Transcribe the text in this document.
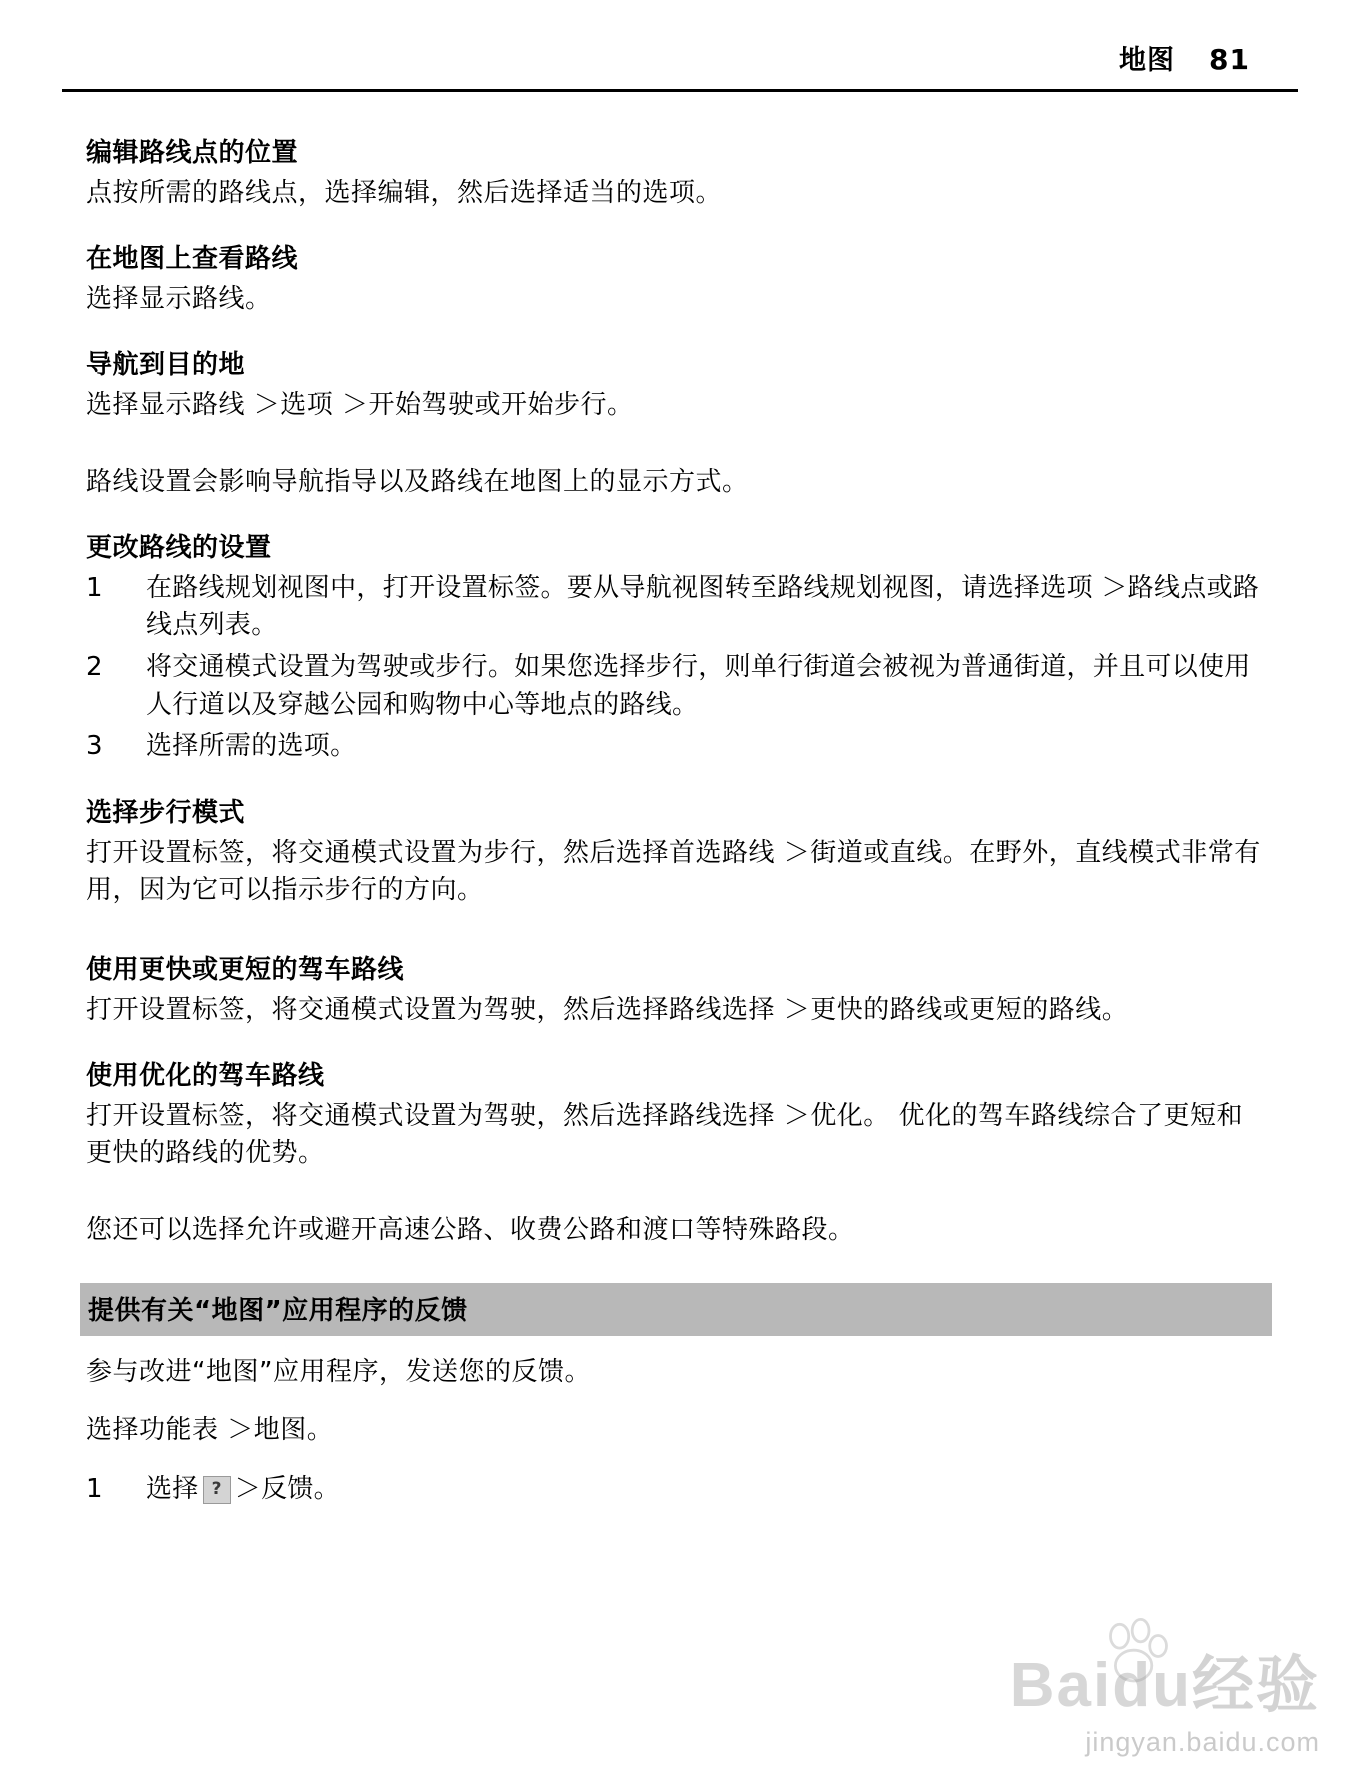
地图 81
编辑路线点的位置

点按所需的路线点，选择编辑，然后选择适当的选项。

在地图上查看路线

选择显示路线。

导航到目的地

选择显示路线 ＞选项 ＞开始驾驶或开始步行。

路线设置会影响导航指导以及路线在地图上的显示方式。

更改路线的设置
1	在路线规划视图中，打开设置标签。要从导航视图转至路线规划视图，请选择选项 ＞路线点或路线点列表。
2	将交通模式设置为驾驶或步行。如果您选择步行，则单行街道会被视为普通街道，并且可以使用人行道以及穿越公园和购物中心等地点的路线。
3	选择所需的选项。
选择步行模式

打开设置标签，将交通模式设置为步行，然后选择首选路线 ＞街道或直线。在野外，直线模式非常有用，因为它可以指示步行的方向。

使用更快或更短的驾车路线

打开设置标签，将交通模式设置为驾驶，然后选择路线选择 ＞更快的路线或更短的路线。

使用优化的驾车路线

打开设置标签，将交通模式设置为驾驶，然后选择路线选择 ＞优化。 优化的驾车路线综合了更短和更快的路线的优势。

您还可以选择允许或避开高速公路、收费公路和渡口等特殊路段。

提供有关“地图”应用程序的反馈

参与改进“地图”应用程序，发送您的反馈。

选择功能表 ＞地图。

1	选择 ? ＞反馈。
Baidu经验
jingyan.baidu.com
